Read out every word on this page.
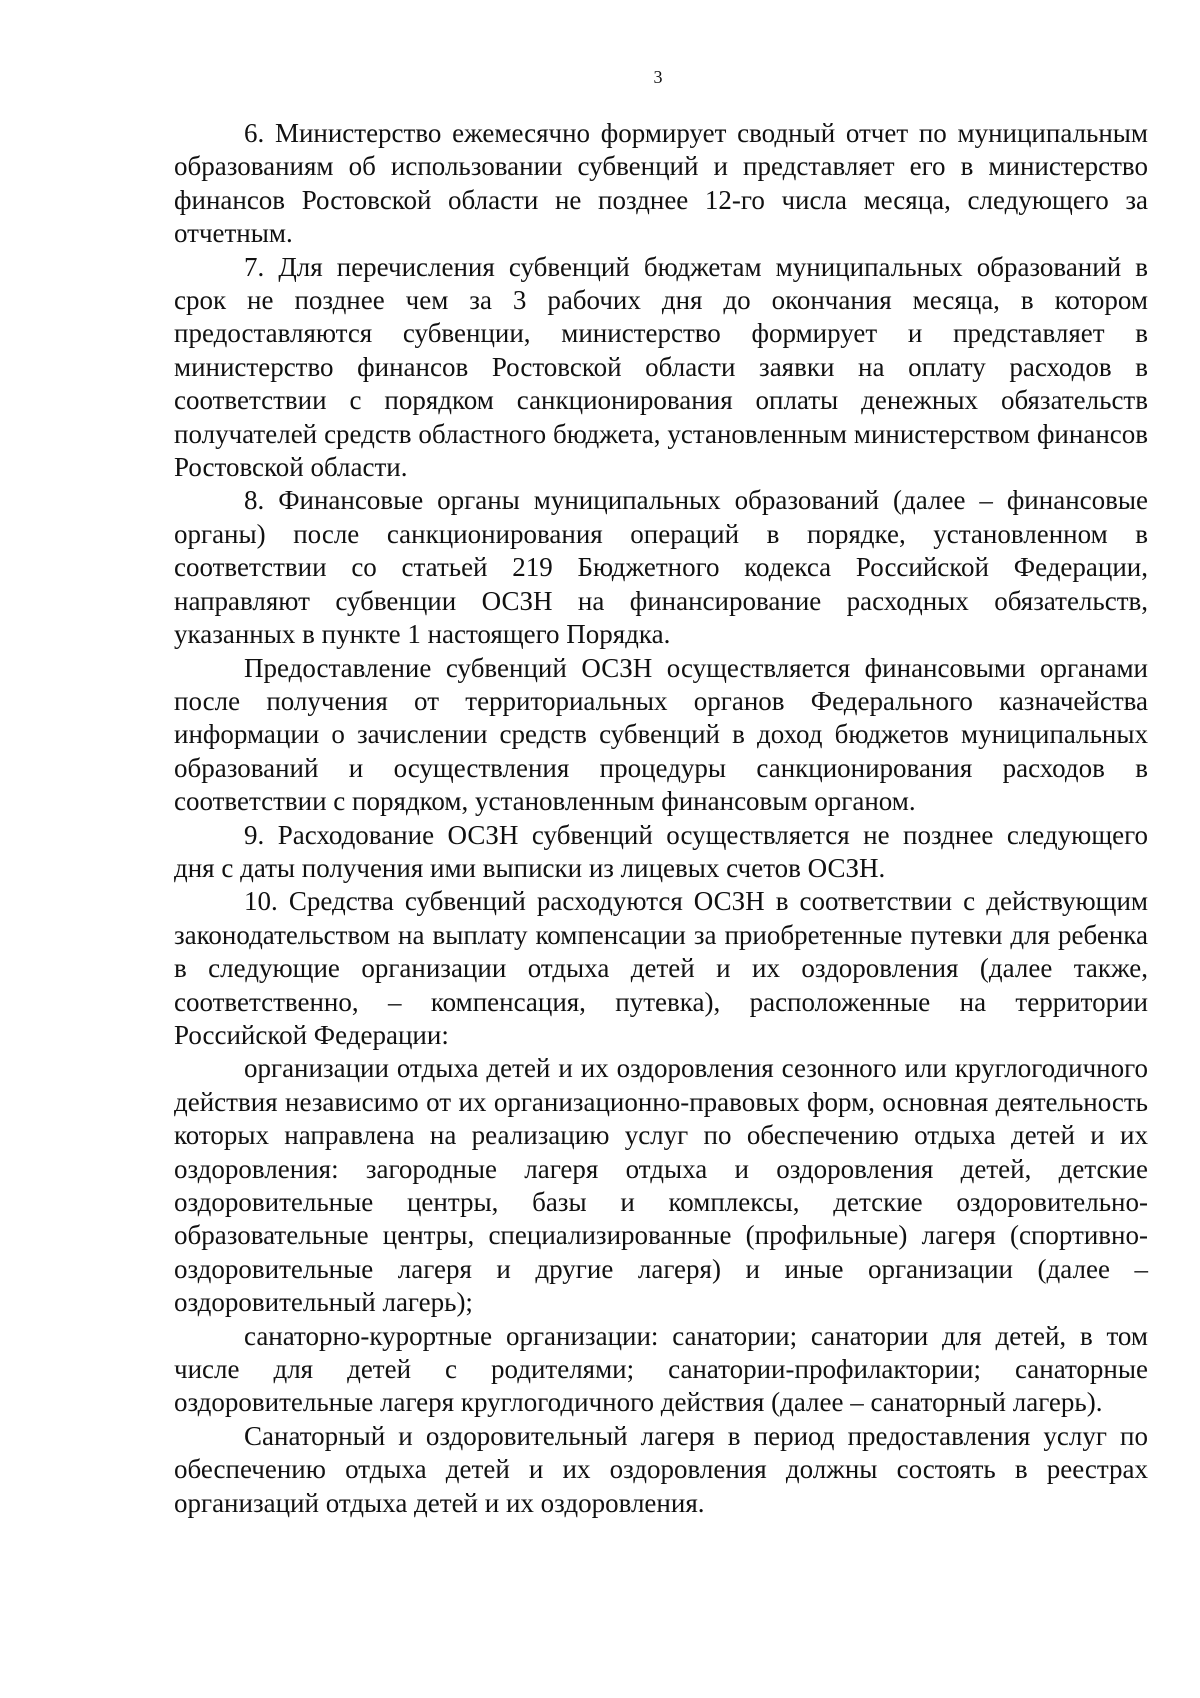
3

6. Министерство ежемесячно формирует сводный отчет по муниципальным образованиям об использовании субвенций и представляет его в министерство финансов Ростовской области не позднее 12-го числа месяца, следующего за отчетным.

7. Для перечисления субвенций бюджетам муниципальных образований в срок не позднее чем за 3 рабочих дня до окончания месяца, в котором предоставляются субвенции, министерство формирует и представляет в министерство финансов Ростовской области заявки на оплату расходов в соответствии с порядком санкционирования оплаты денежных обязательств получателей средств областного бюджета, установленным министерством финансов Ростовской области.

8. Финансовые органы муниципальных образований (далее – финансовые органы) после санкционирования операций в порядке, установленном в соответствии со статьей 219 Бюджетного кодекса Российской Федерации, направляют субвенции ОСЗН на финансирование расходных обязательств, указанных в пункте 1 настоящего Порядка.

Предоставление субвенций ОСЗН осуществляется финансовыми органами после получения от территориальных органов Федерального казначейства информации о зачислении средств субвенций в доход бюджетов муниципальных образований и осуществления процедуры санкционирования расходов в соответствии с порядком, установленным финансовым органом.

9. Расходование ОСЗН субвенций осуществляется не позднее следующего дня с даты получения ими выписки из лицевых счетов ОСЗН.

10. Средства субвенций расходуются ОСЗН в соответствии с действующим законодательством на выплату компенсации за приобретенные путевки для ребенка в следующие организации отдыха детей и их оздоровления (далее также, соответственно, – компенсация, путевка), расположенные на территории Российской Федерации:

организации отдыха детей и их оздоровления сезонного или круглогодичного действия независимо от их организационно-правовых форм, основная деятельность которых направлена на реализацию услуг по обеспечению отдыха детей и их оздоровления: загородные лагеря отдыха и оздоровления детей, детские оздоровительные центры, базы и комплексы, детские оздоровительно-образовательные центры, специализированные (профильные) лагеря (спортивно-оздоровительные лагеря и другие лагеря) и иные организации (далее – оздоровительный лагерь);

санаторно-курортные организации: санатории; санатории для детей, в том числе для детей с родителями; санатории-профилактории; санаторные оздоровительные лагеря круглогодичного действия (далее – санаторный лагерь).

Санаторный и оздоровительный лагеря в период предоставления услуг по обеспечению отдыха детей и их оздоровления должны состоять в реестрах организаций отдыха детей и их оздоровления.
